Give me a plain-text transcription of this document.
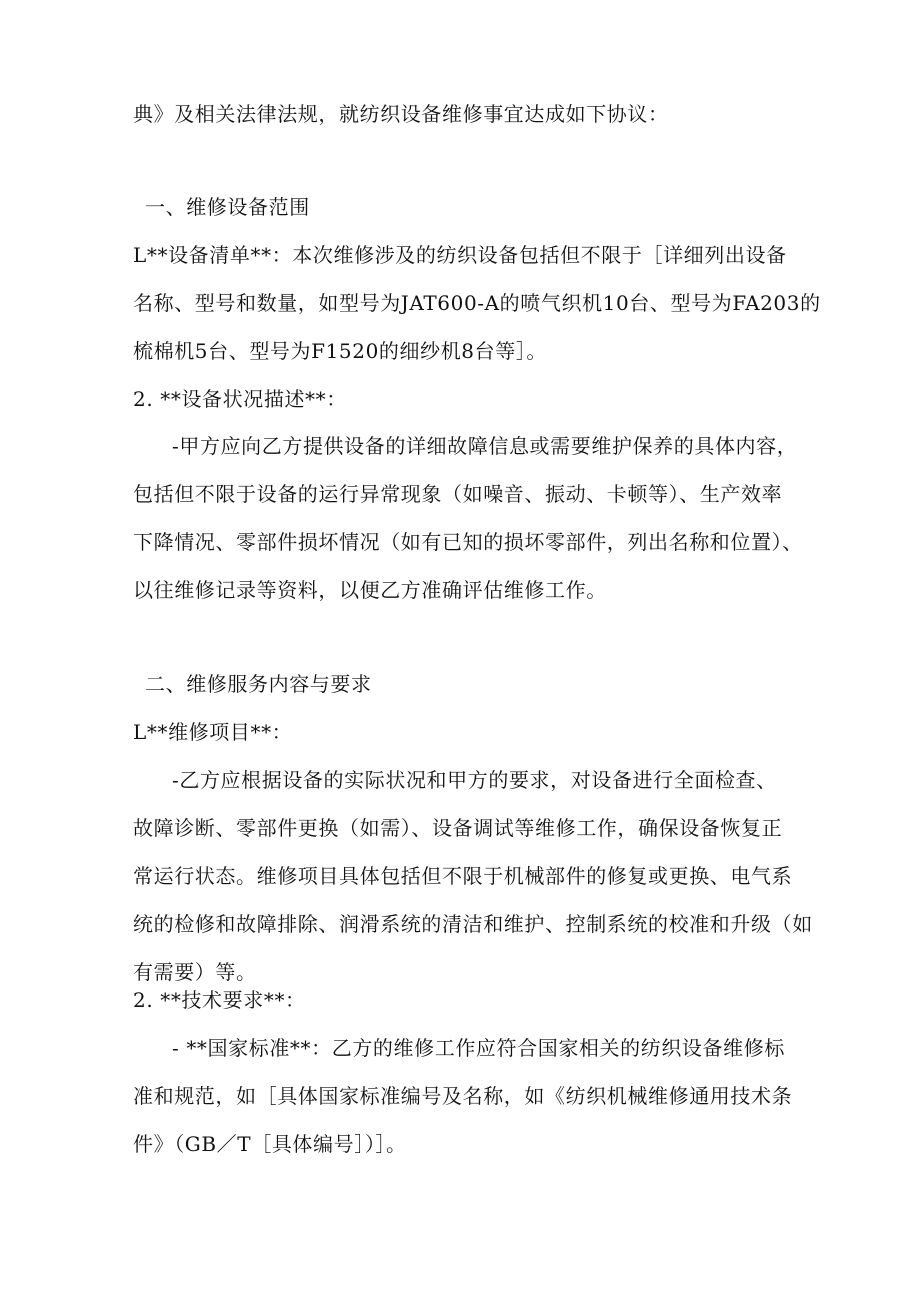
典》及相关法律法规，就纺织设备维修事宜达成如下协议：
一、维修设备范围
L**设备清单**：本次维修涉及的纺织设备包括但不限于［详细列出设备
名称、型号和数量，如型号为JAT600-A的喷气织机10台、型号为FA203的
梳棉机5台、型号为F1520的细纱机8台等］。
2. **设备状况描述**：
-甲方应向乙方提供设备的详细故障信息或需要维护保养的具体内容，
包括但不限于设备的运行异常现象（如噪音、振动、卡顿等）、生产效率
下降情况、零部件损坏情况（如有已知的损坏零部件，列出名称和位置）、
以往维修记录等资料，以便乙方准确评估维修工作。
二、维修服务内容与要求
L**维修项目**：
-乙方应根据设备的实际状况和甲方的要求，对设备进行全面检查、
故障诊断、零部件更换（如需）、设备调试等维修工作，确保设备恢复正
常运行状态。维修项目具体包括但不限于机械部件的修复或更换、电气系
统的检修和故障排除、润滑系统的清洁和维护、控制系统的校准和升级（如
有需要）等。
2. **技术要求**：
- **国家标准**：乙方的维修工作应符合国家相关的纺织设备维修标
准和规范，如［具体国家标准编号及名称，如《纺织机械维修通用技术条
件》（GB／T［具体编号］）］。
